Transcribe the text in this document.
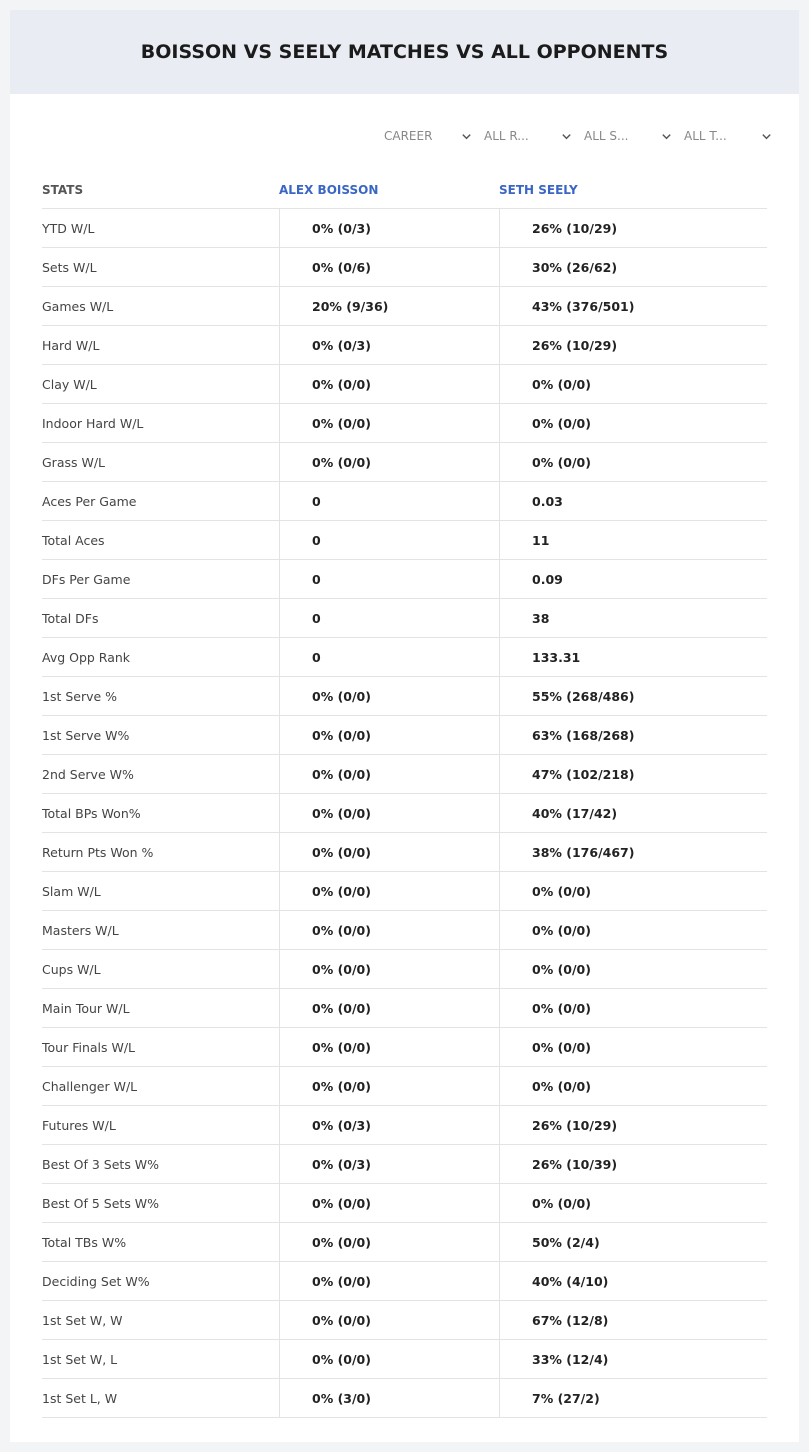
BOISSON VS SEELY MATCHES VS ALL OPPONENTS
CAREER	ALL R...	ALL S...	ALL T...
STATS	ALEX BOISSON	SETH SEELY
YTD W/L	0% (0/3)	26% (10/29)
Sets W/L	0% (0/6)	30% (26/62)
Games W/L	20% (9/36)	43% (376/501)
Hard W/L	0% (0/3)	26% (10/29)
Clay W/L	0% (0/0)	0% (0/0)
Indoor Hard W/L	0% (0/0)	0% (0/0)
Grass W/L	0% (0/0)	0% (0/0)
Aces Per Game	0	0.03
Total Aces	0	11
DFs Per Game	0	0.09
Total DFs	0	38
Avg Opp Rank	0	133.31
1st Serve %	0% (0/0)	55% (268/486)
1st Serve W%	0% (0/0)	63% (168/268)
2nd Serve W%	0% (0/0)	47% (102/218)
Total BPs Won%	0% (0/0)	40% (17/42)
Return Pts Won %	0% (0/0)	38% (176/467)
Slam W/L	0% (0/0)	0% (0/0)
Masters W/L	0% (0/0)	0% (0/0)
Cups W/L	0% (0/0)	0% (0/0)
Main Tour W/L	0% (0/0)	0% (0/0)
Tour Finals W/L	0% (0/0)	0% (0/0)
Challenger W/L	0% (0/0)	0% (0/0)
Futures W/L	0% (0/3)	26% (10/29)
Best Of 3 Sets W%	0% (0/3)	26% (10/39)
Best Of 5 Sets W%	0% (0/0)	0% (0/0)
Total TBs W%	0% (0/0)	50% (2/4)
Deciding Set W%	0% (0/0)	40% (4/10)
1st Set W, W	0% (0/0)	67% (12/8)
1st Set W, L	0% (0/0)	33% (12/4)
1st Set L, W	0% (3/0)	7% (27/2)
